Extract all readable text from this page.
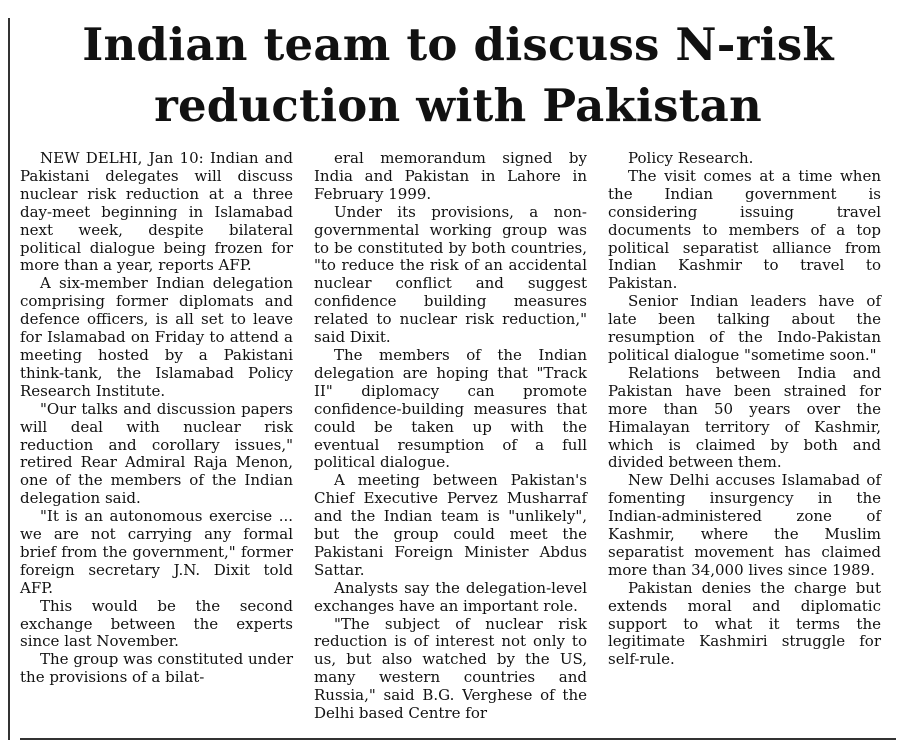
Indian team to discuss N-risk reduction with Pakistan

NEW DELHI, Jan 10: Indian and Pakistani delegates will discuss nuclear risk reduction at a three day-meet beginning in Islamabad next week, despite bilateral political dialogue being frozen for more than a year, reports AFP.

A six-member Indian delegation comprising former diplomats and defence officers, is all set to leave for Islamabad on Friday to attend a meeting hosted by a Pakistani think-tank, the Islamabad Policy Research Institute.

"Our talks and discussion papers will deal with nuclear risk reduction and corollary issues," retired Rear Admiral Raja Menon, one of the members of the Indian delegation said.

"It is an autonomous exercise ... we are not carrying any formal brief from the government," former foreign secretary J.N. Dixit told AFP.

This would be the second exchange between the experts since last November.

The group was constituted under the provisions of a bilat-

eral memorandum signed by India and Pakistan in Lahore in February 1999.

Under its provisions, a non-governmental working group was to be constituted by both countries, "to reduce the risk of an accidental nuclear conflict and suggest confidence building measures related to nuclear risk reduction," said Dixit.

The members of the Indian delegation are hoping that "Track II" diplomacy can promote confidence-building measures that could be taken up with the eventual resumption of a full political dialogue.

A meeting between Pakistan's Chief Executive Pervez Musharraf and the Indian team is "unlikely", but the group could meet the Pakistani Foreign Minister Abdus Sattar.

Analysts say the delegation-level exchanges have an important role.

"The subject of nuclear risk reduction is of interest not only to us, but also watched by the US, many western countries and Russia," said B.G. Verghese of the Delhi based Centre for

Policy Research.

The visit comes at a time when the Indian government is considering issuing travel documents to members of a top political separatist alliance from Indian Kashmir to travel to Pakistan.

Senior Indian leaders have of late been talking about the resumption of the Indo-Pakistan political dialogue "sometime soon."

Relations between India and Pakistan have been strained for more than 50 years over the Himalayan territory of Kashmir, which is claimed by both and divided between them.

New Delhi accuses Islamabad of fomenting insurgency in the Indian-administered zone of Kashmir, where the Muslim separatist movement has claimed more than 34,000 lives since 1989.

Pakistan denies the charge but extends moral and diplomatic support to what it terms the legitimate Kashmiri struggle for self-rule.
